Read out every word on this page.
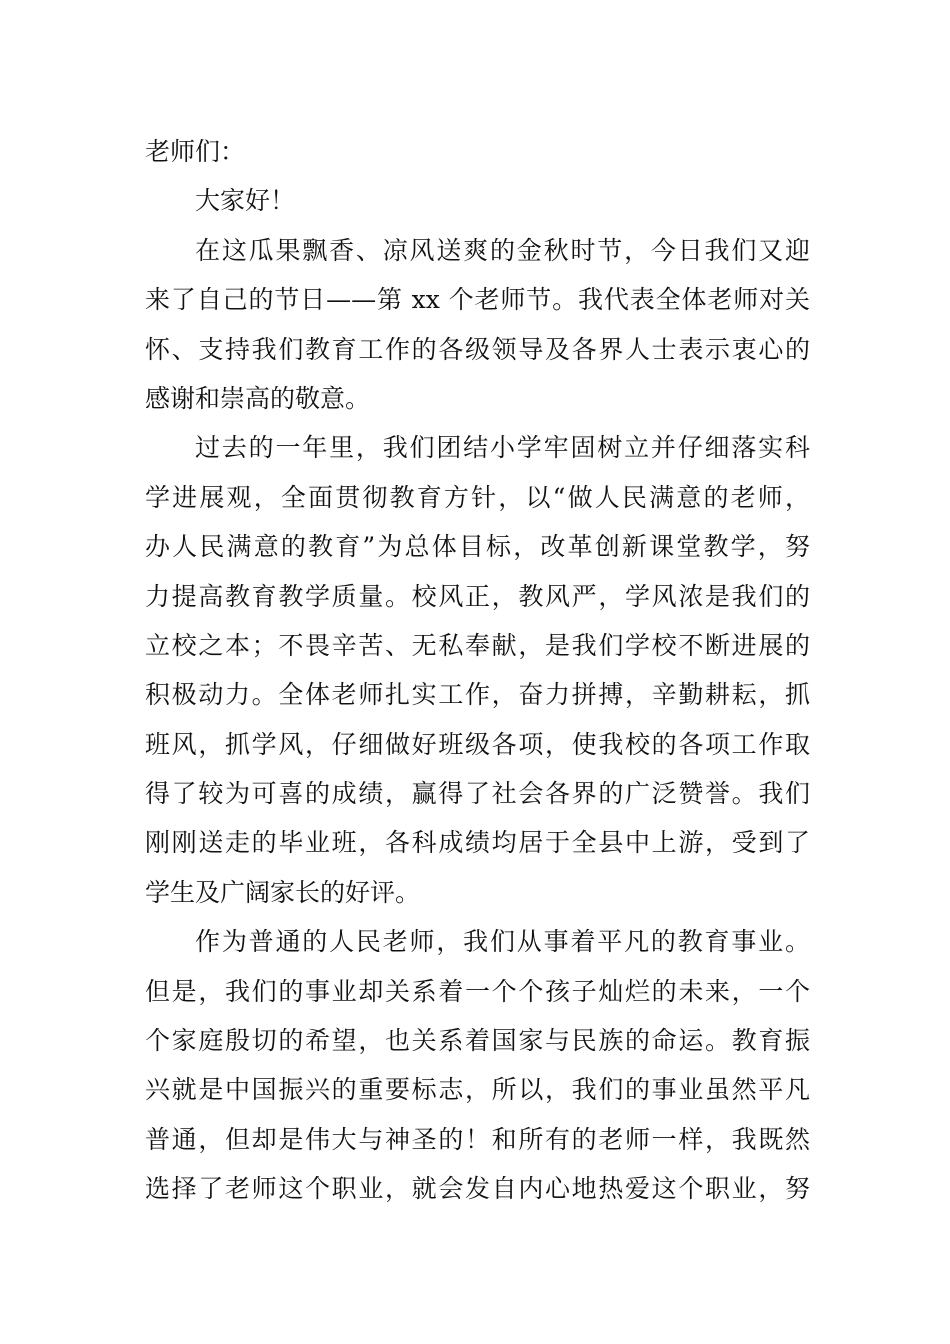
老师们：
大家好！
在这瓜果飘香、凉风送爽的金秋时节，今日我们又迎
来了自己的节日——第 xx 个老师节。我代表全体老师对关
怀、支持我们教育工作的各级领导及各界人士表示衷心的
感谢和崇高的敬意。
过去的一年里，我们团结小学牢固树立并仔细落实科
学进展观，全面贯彻教育方针，以“做人民满意的老师，
办人民满意的教育”为总体目标，改革创新课堂教学，努
力提高教育教学质量。校风正，教风严，学风浓是我们的
立校之本；不畏辛苦、无私奉献，是我们学校不断进展的
积极动力。全体老师扎实工作，奋力拼搏，辛勤耕耘，抓
班风，抓学风，仔细做好班级各项，使我校的各项工作取
得了较为可喜的成绩，赢得了社会各界的广泛赞誉。我们
刚刚送走的毕业班，各科成绩均居于全县中上游，受到了
学生及广阔家长的好评。
作为普通的人民老师，我们从事着平凡的教育事业。
但是，我们的事业却关系着一个个孩子灿烂的未来，一个
个家庭殷切的希望，也关系着国家与民族的命运。教育振
兴就是中国振兴的重要标志，所以，我们的事业虽然平凡
普通，但却是伟大与神圣的！和所有的老师一样，我既然
选择了老师这个职业，就会发自内心地热爱这个职业，努
